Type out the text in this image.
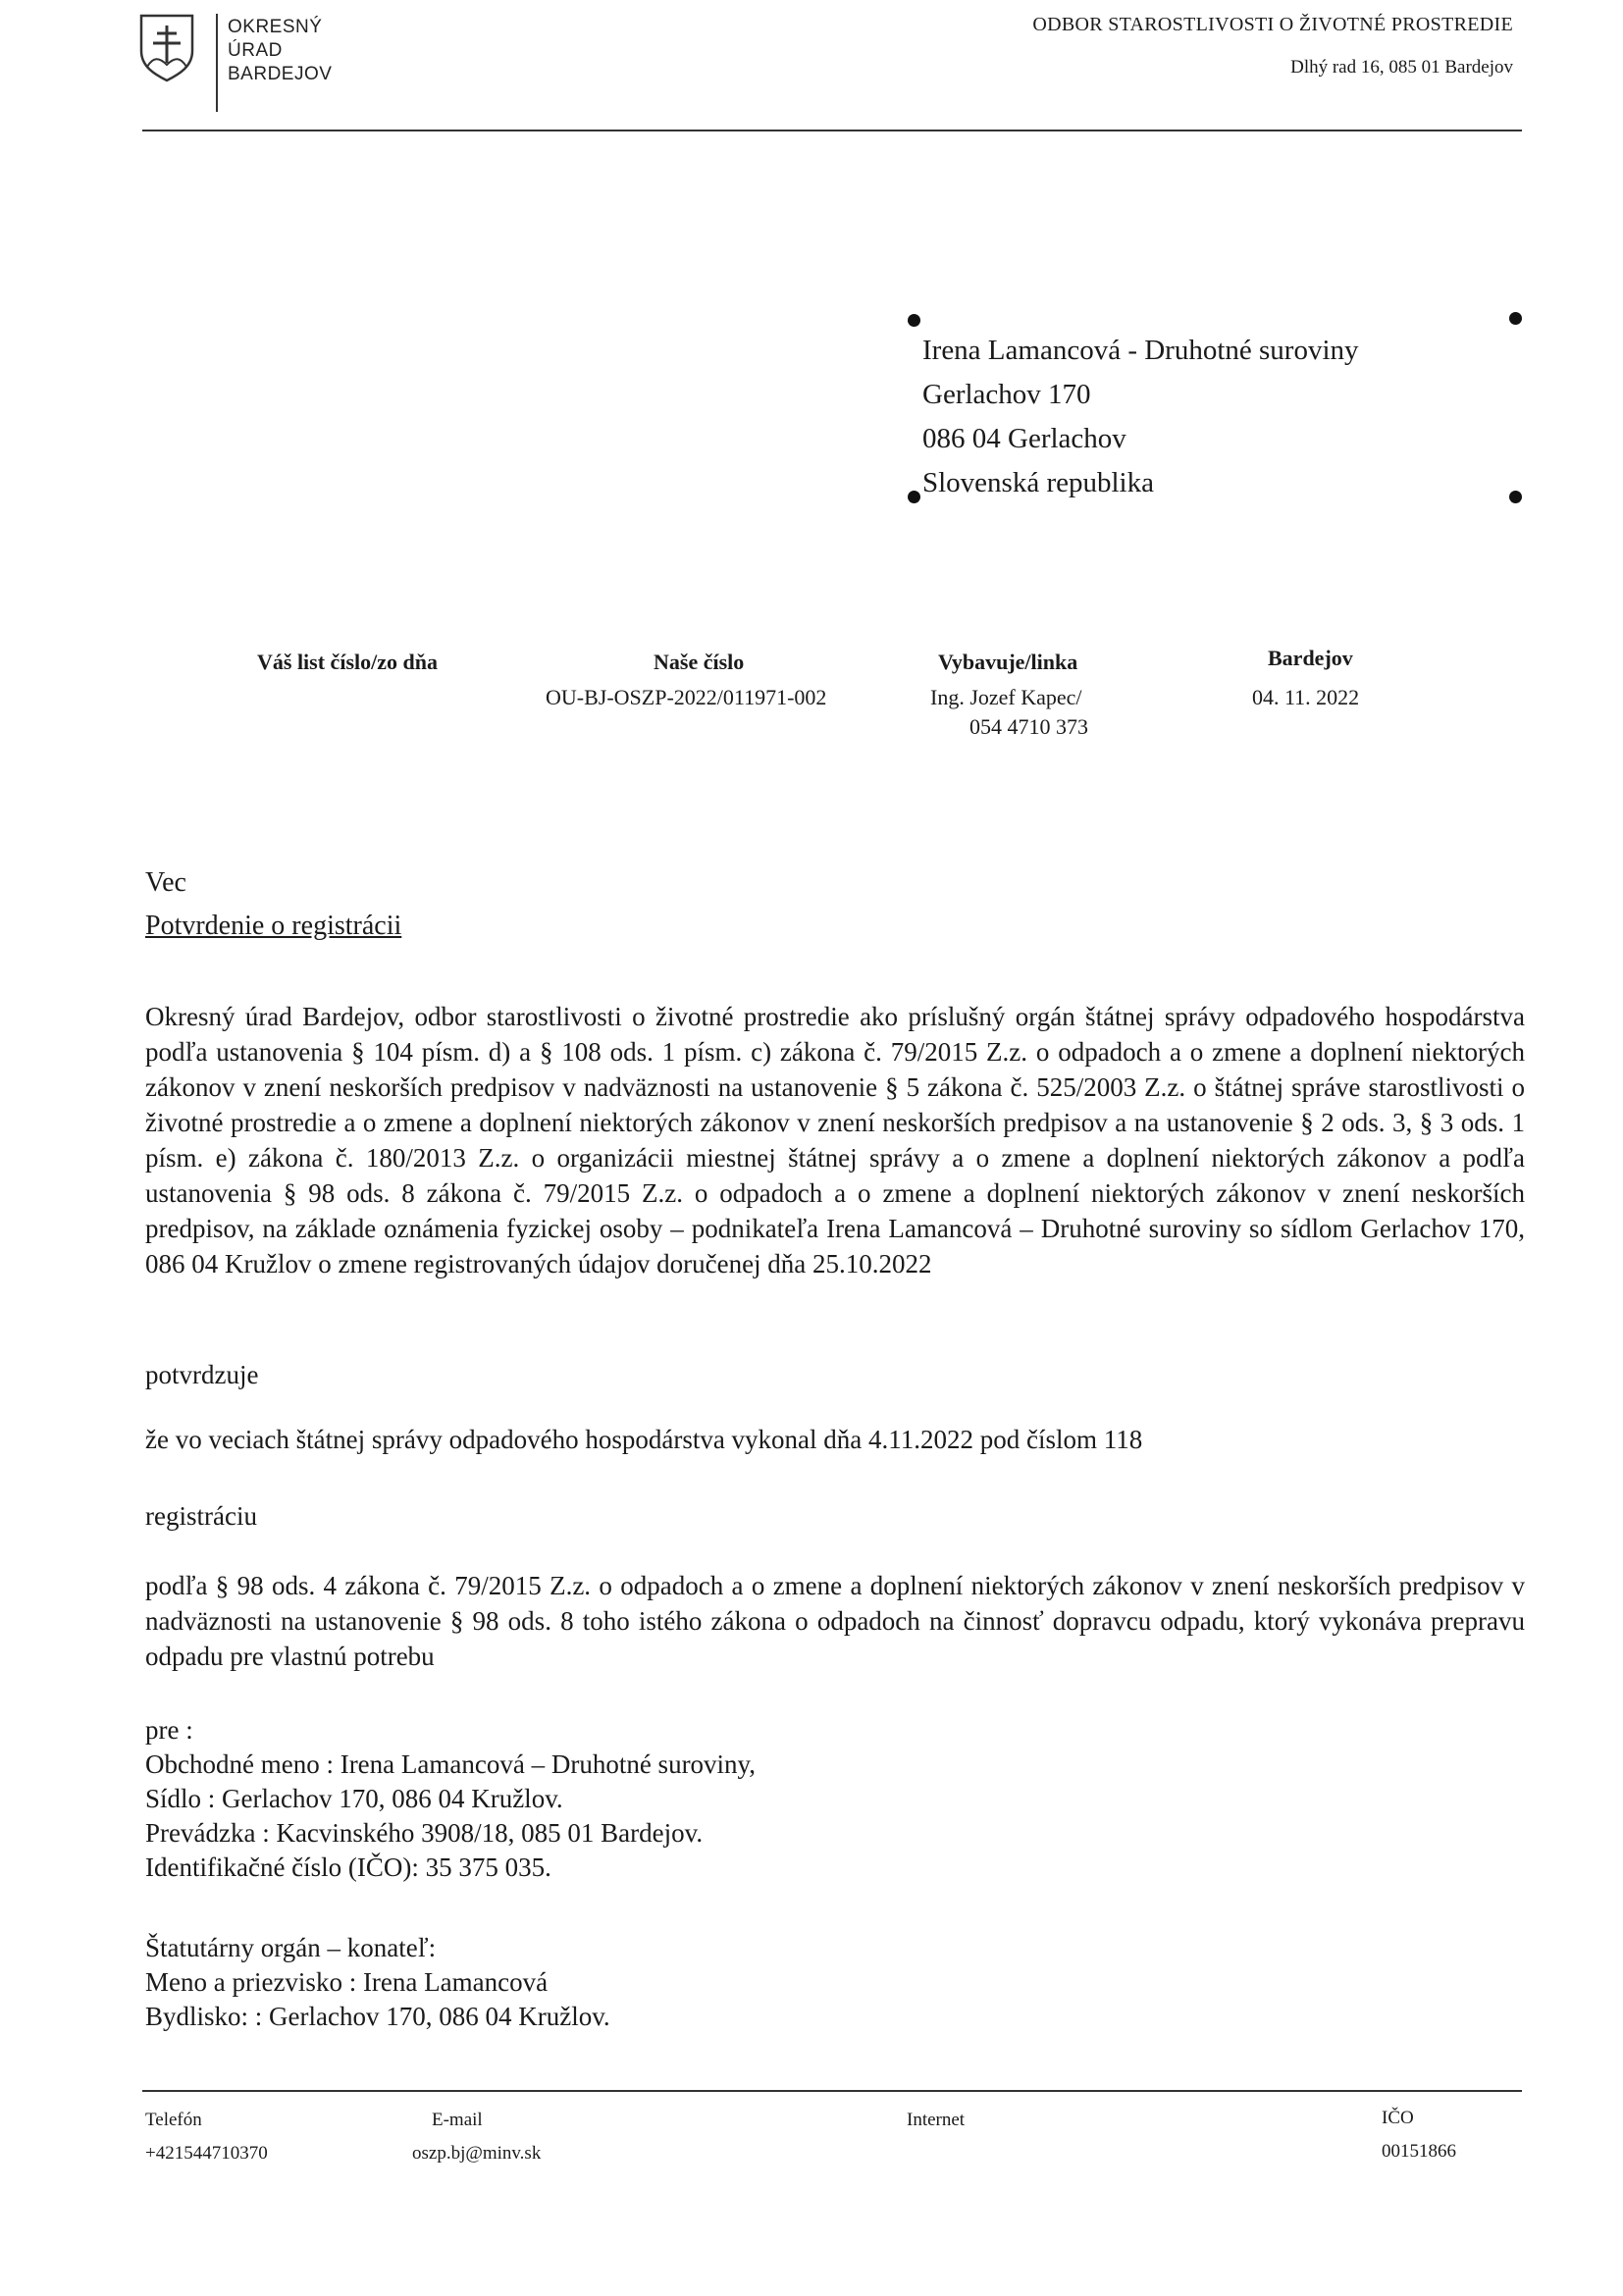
OKRESNÝ
ÚRAD
BARDEJOV
ODBOR STAROSTLIVOSTI O ŽIVOTNÉ PROSTREDIE
Dlhý rad 16, 085 01 Bardejov
Irena Lamancová - Druhotné suroviny
Gerlachov 170
086 04 Gerlachov
Slovenská republika
Váš list číslo/zo dňa	Naše číslo
OU-BJ-OSZP-2022/011971-002
Vybavuje/linka
Ing. Jozef Kapec/
054 4710 373
Bardejov
04. 11. 2022
Vec
Potvrdenie o registrácii

Okresný úrad Bardejov, odbor starostlivosti o životné prostredie ako príslušný orgán štátnej správy odpadového hospodárstva podľa ustanovenia § 104 písm. d) a § 108 ods. 1 písm. c) zákona č. 79/2015 Z.z. o odpadoch a o zmene a doplnení niektorých zákonov v znení neskorších predpisov v nadväznosti na ustanovenie § 5 zákona č. 525/2003 Z.z. o štátnej správe starostlivosti o životné prostredie a o zmene a doplnení niektorých zákonov v znení neskorších predpisov a na ustanovenie § 2 ods. 3, § 3 ods. 1 písm. e) zákona č. 180/2013 Z.z. o organizácii miestnej štátnej správy a o zmene a doplnení niektorých zákonov a podľa ustanovenia § 98 ods. 8 zákona č. 79/2015 Z.z. o odpadoch a o zmene a doplnení niektorých zákonov v znení neskorších predpisov, na základe oznámenia fyzickej osoby – podnikateľa Irena Lamancová – Druhotné suroviny so sídlom Gerlachov 170, 086 04 Kružlov o zmene registrovaných údajov doručenej dňa 25.10.2022

potvrdzuje
že vo veciach štátnej správy odpadového hospodárstva vykonal dňa 4.11.2022 pod číslom 118
registráciu

podľa § 98 ods. 4 zákona č. 79/2015 Z.z. o odpadoch a o zmene a doplnení niektorých zákonov v znení neskorších predpisov v nadväznosti na ustanovenie § 98 ods. 8 toho istého zákona o odpadoch na činnosť dopravcu odpadu, ktorý vykonáva prepravu odpadu pre vlastnú potrebu

pre :
Obchodné meno : Irena Lamancová – Druhotné suroviny,
Sídlo : Gerlachov 170, 086 04 Kružlov.
Prevádzka : Kacvinského 3908/18, 085 01 Bardejov.
Identifikačné číslo (IČO): 35 375 035.
Štatutárny orgán – konateľ:
Meno a priezvisko : Irena Lamancová
Bydlisko: : Gerlachov 170, 086 04 Kružlov.
Telefón
+421544710370
E-mail
oszp.bj@minv.sk
Internet	IČO
00151866
